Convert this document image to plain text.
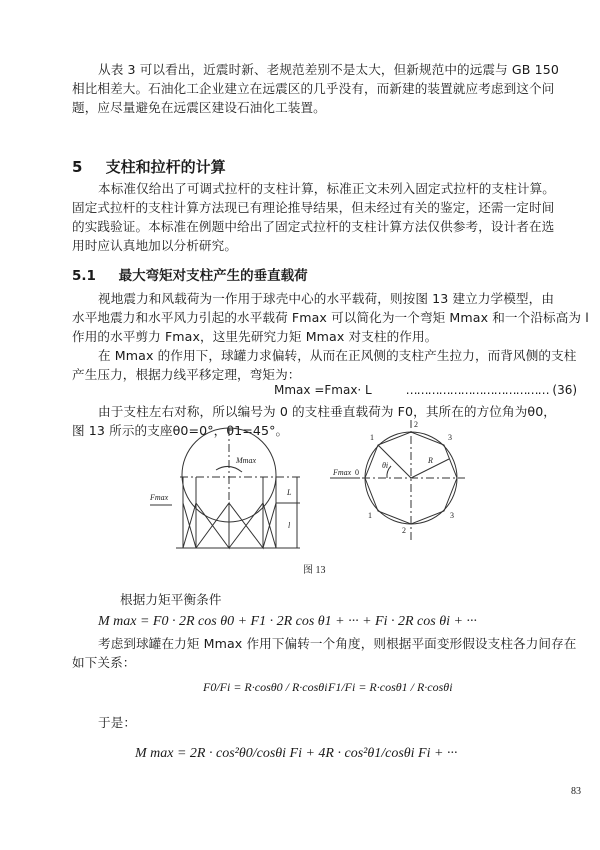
从表 3 可以看出，近震时新、老规范差别不是太大，但新规范中的远震与 GB 150
相比相差大。石油化工企业建立在远震区的几乎没有，而新建的装置就应考虑到这个问
题，应尽量避免在远震区建设石油化工装置。
5 支柱和拉杆的计算
本标准仅给出了可调式拉杆的支柱计算，标准正文未列入固定式拉杆的支柱计算。
固定式拉杆的支柱计算方法现已有理论推导结果，但未经过有关的鉴定，还需一定时间
的实践验证。本标准在例题中给出了固定式拉杆的支柱计算方法仅供参考，设计者在选
用时应认真地加以分析研究。
5.1 最大弯矩对支柱产生的垂直载荷
视地震力和风载荷为一作用于球壳中心的水平载荷，则按图 13 建立力学模型，由
水平地震力和水平风力引起的水平载荷 Fmax 可以简化为一个弯矩 Mmax 和一个沿标高为 l
作用的水平剪力 Fmax，这里先研究力矩 Mmax 对支柱的作用。
在 Mmax 的作用下，球罐力求偏转，从而在正风侧的支柱产生拉力，而背风侧的支柱
产生压力，根据力线平移定理，弯矩为：
Mmax =Fmax· L	………………………………… (36)
由于支柱左右对称，所以编号为 0 的支柱垂直载荷为 F0，其所在的方位角为θ0，
图 13 所示的支座θ0=0°，θ1=45°。
Mmax
Fmax
L
l
Fmax
θi
R
0
1
2
3
1
2
3
图 13
根据力矩平衡条件
M max = F0 · 2R cos θ0 + F1 · 2R cos θ1 + ··· + Fi · 2R cos θi + ···
考虑到球罐在力矩 Mmax 作用下偏转一个角度，则根据平面变形假设支柱各力间存在
如下关系：
F0/Fi = R·cosθ0 / R·cosθi F1/Fi = R·cosθ1 / R·cosθi
于是：
M max = 2R · cos²θ0/cosθi Fi + 4R · cos²θ1/cosθi Fi + ···
83
